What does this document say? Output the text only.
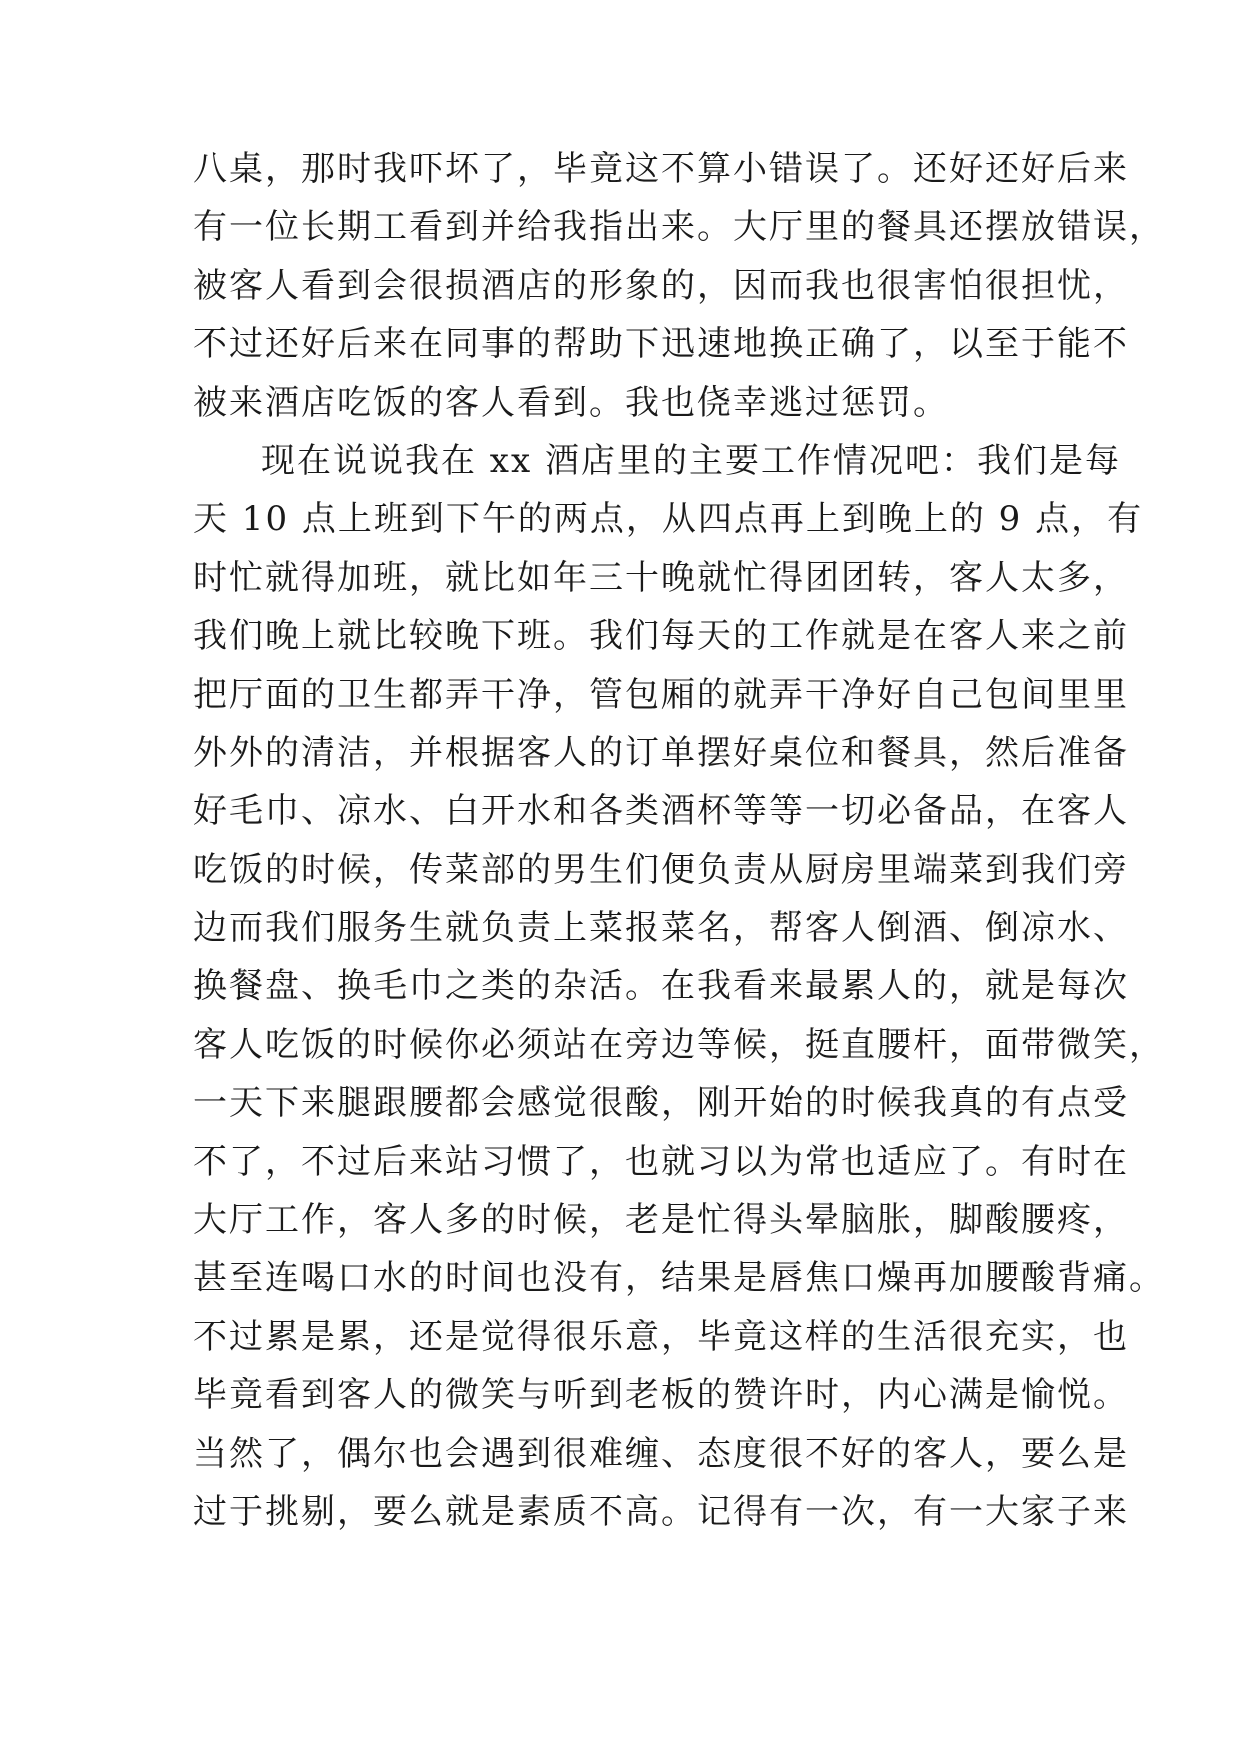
八桌，那时我吓坏了，毕竟这不算小错误了。还好还好后来
有一位长期工看到并给我指出来。大厅里的餐具还摆放错误，
被客人看到会很损酒店的形象的，因而我也很害怕很担忧，
不过还好后来在同事的帮助下迅速地换正确了，以至于能不
被来酒店吃饭的客人看到。我也侥幸逃过惩罚。
现在说说我在 xx 酒店里的主要工作情况吧：我们是每
天 10 点上班到下午的两点，从四点再上到晚上的 9 点，有
时忙就得加班，就比如年三十晚就忙得团团转，客人太多，
我们晚上就比较晚下班。我们每天的工作就是在客人来之前
把厅面的卫生都弄干净，管包厢的就弄干净好自己包间里里
外外的清洁，并根据客人的订单摆好桌位和餐具，然后准备
好毛巾、凉水、白开水和各类酒杯等等一切必备品，在客人
吃饭的时候，传菜部的男生们便负责从厨房里端菜到我们旁
边而我们服务生就负责上菜报菜名，帮客人倒酒、倒凉水、
换餐盘、换毛巾之类的杂活。在我看来最累人的，就是每次
客人吃饭的时候你必须站在旁边等候，挺直腰杆，面带微笑，
一天下来腿跟腰都会感觉很酸，刚开始的时候我真的有点受
不了，不过后来站习惯了，也就习以为常也适应了。有时在
大厅工作，客人多的时候，老是忙得头晕脑胀，脚酸腰疼，
甚至连喝口水的时间也没有，结果是唇焦口燥再加腰酸背痛。
不过累是累，还是觉得很乐意，毕竟这样的生活很充实，也
毕竟看到客人的微笑与听到老板的赞许时，内心满是愉悦。
当然了，偶尔也会遇到很难缠、态度很不好的客人，要么是
过于挑剔，要么就是素质不高。记得有一次，有一大家子来
